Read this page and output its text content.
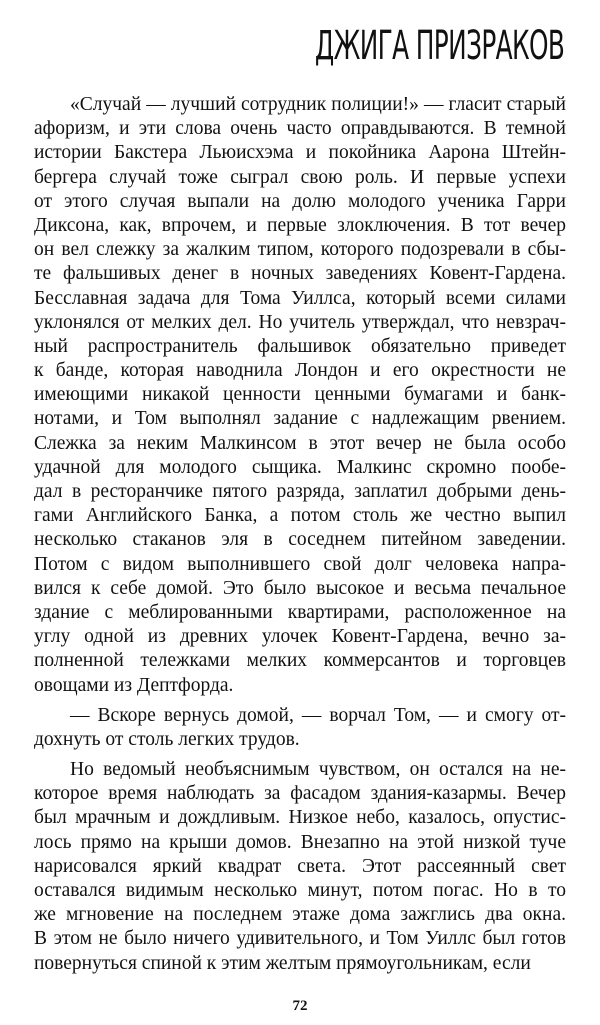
ДЖИГА ПРИЗРАКОВ
«Случай — лучший сотрудник полиции!» — гласит старый
афоризм, и эти слова очень часто оправдываются. В темной
истории Бакстера Льюисхэма и покойника Аарона Штейн-
бергера случай тоже сыграл свою роль. И первые успехи
от этого случая выпали на долю молодого ученика Гарри
Диксона, как, впрочем, и первые злоключения. В тот вечер
он вел слежку за жалким типом, которого подозревали в сбы-
те фальшивых денег в ночных заведениях Ковент-Гардена.
Бесславная задача для Тома Уиллса, который всеми силами
уклонялся от мелких дел. Но учитель утверждал, что невзрач-
ный распространитель фальшивок обязательно приведет
к банде, которая наводнила Лондон и его окрестности не
имеющими никакой ценности ценными бумагами и банк-
нотами, и Том выполнял задание с надлежащим рвением.
Слежка за неким Малкинсом в этот вечер не была особо
удачной для молодого сыщика. Малкинс скромно пообе-
дал в ресторанчике пятого разряда, заплатил добрыми день-
гами Английского Банка, а потом столь же честно выпил
несколько стаканов эля в соседнем питейном заведении.
Потом с видом выполнившего свой долг человека напра-
вился к себе домой. Это было высокое и весьма печальное
здание с меблированными квартирами, расположенное на
углу одной из древних улочек Ковент-Гардена, вечно за-
полненной тележками мелких коммерсантов и торговцев
овощами из Дептфорда.
— Вскоре вернусь домой, — ворчал Том, — и смогу от-
дохнуть от столь легких трудов.
Но ведомый необъяснимым чувством, он остался на не-
которое время наблюдать за фасадом здания-казармы. Вечер
был мрачным и дождливым. Низкое небо, казалось, опустис-
лось прямо на крыши домов. Внезапно на этой низкой туче
нарисовался яркий квадрат света. Этот рассеянный свет
оставался видимым несколько минут, потом погас. Но в то
же мгновение на последнем этаже дома зажглись два окна.
В этом не было ничего удивительного, и Том Уиллс был готов
повернуться спиной к этим желтым прямоугольникам, если
72
